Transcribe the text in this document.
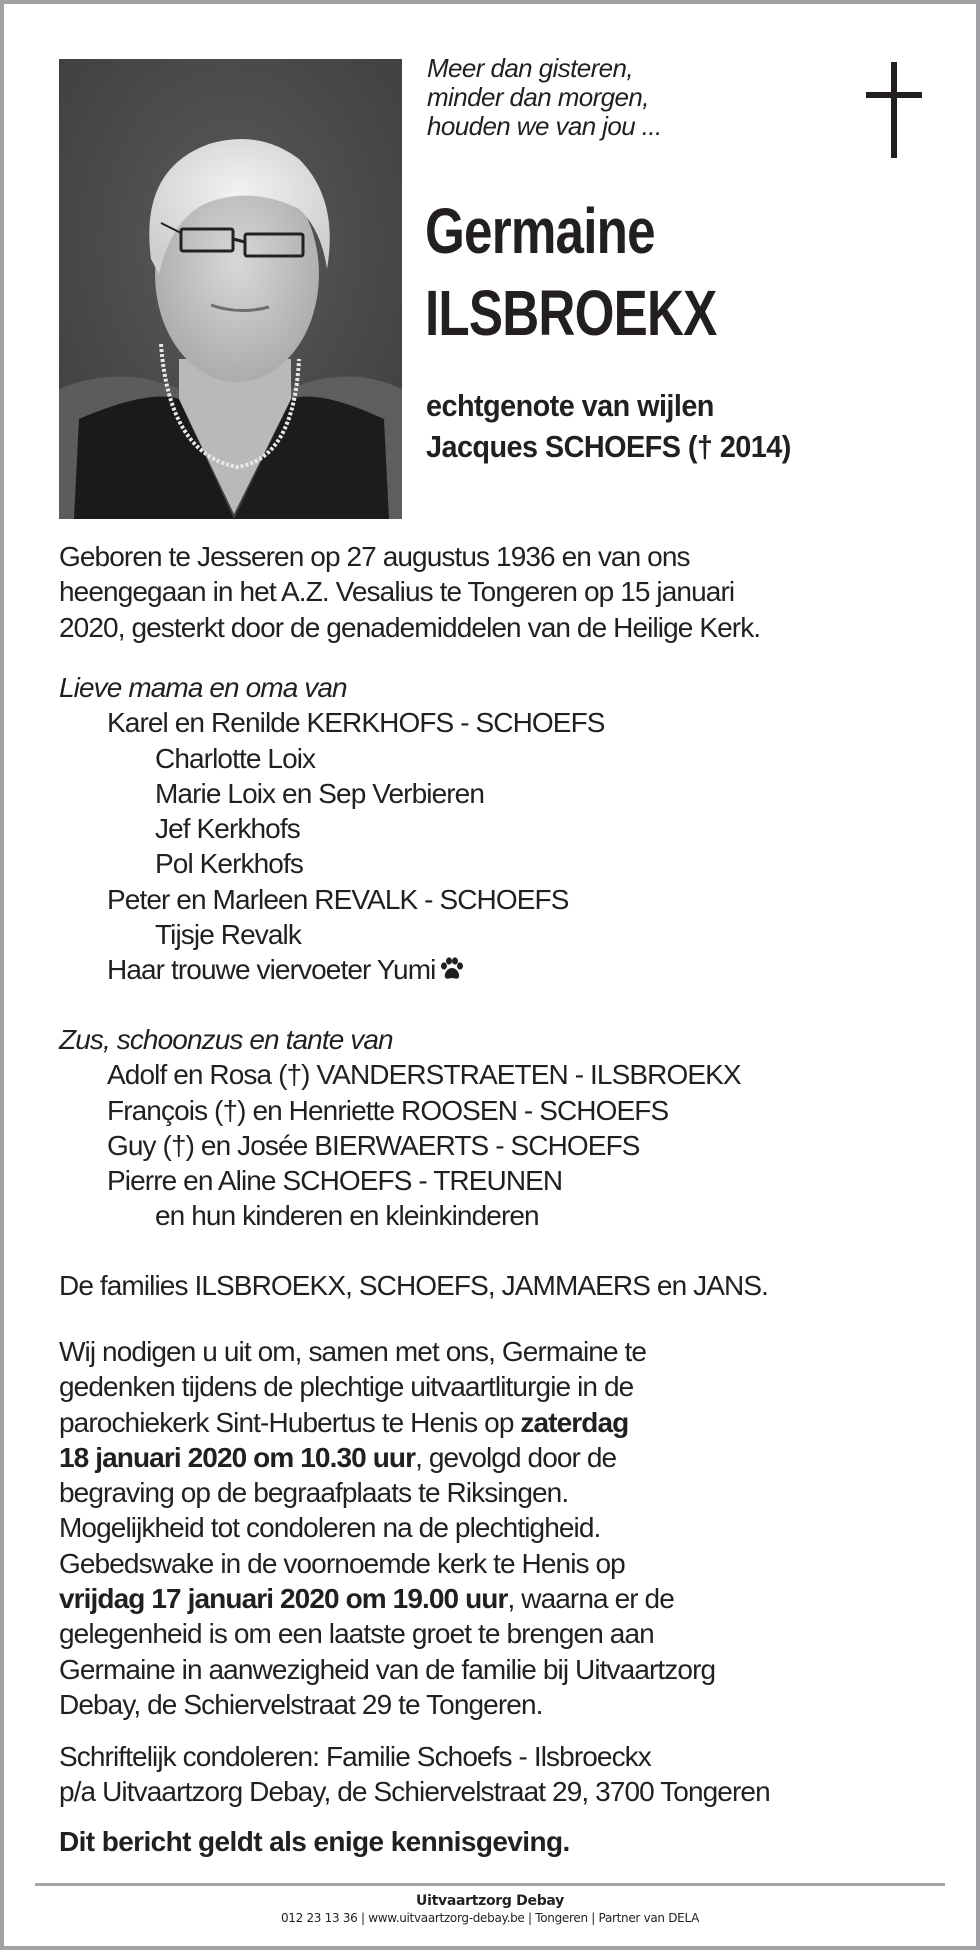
Meer dan gisteren,
minder dan morgen,
houden we van jou ...
Germaine
ILSBROEKX
echtgenote van wijlen
Jacques SCHOEFS († 2014)
Geboren te Jesseren op 27 augustus 1936 en van ons
heengegaan in het A.Z. Vesalius te Tongeren op 15 januari
2020, gesterkt door de genademiddelen van de Heilige Kerk.
Lieve mama en oma van
Karel en Renilde KERKHOFS - SCHOEFS
Charlotte Loix
Marie Loix en Sep Verbieren
Jef Kerkhofs
Pol Kerkhofs
Peter en Marleen REVALK - SCHOEFS
Tijsje Revalk
Haar trouwe viervoeter Yumi
Zus, schoonzus en tante van
Adolf en Rosa (†) VANDERSTRAETEN - ILSBROEKX
François (†) en Henriette ROOSEN - SCHOEFS
Guy (†) en Josée BIERWAERTS - SCHOEFS
Pierre en Aline SCHOEFS - TREUNEN
en hun kinderen en kleinkinderen
De families ILSBROEKX, SCHOEFS, JAMMAERS en JANS.
Wij nodigen u uit om, samen met ons, Germaine te
gedenken tijdens de plechtige uitvaartliturgie in de
parochiekerk Sint-Hubertus te Henis op zaterdag
18 januari 2020 om 10.30 uur, gevolgd door de
begraving op de begraafplaats te Riksingen.
Mogelijkheid tot condoleren na de plechtigheid.
Gebedswake in de voornoemde kerk te Henis op
vrijdag 17 januari 2020 om 19.00 uur, waarna er de
gelegenheid is om een laatste groet te brengen aan
Germaine in aanwezigheid van de familie bij Uitvaartzorg
Debay, de Schiervelstraat 29 te Tongeren.
Schriftelijk condoleren: Familie Schoefs - Ilsbroeckx
p/a Uitvaartzorg Debay, de Schiervelstraat 29, 3700 Tongeren
Dit bericht geldt als enige kennisgeving.
Uitvaartzorg Debay
012 23 13 36 | www.uitvaartzorg-debay.be | Tongeren | Partner van DELA
